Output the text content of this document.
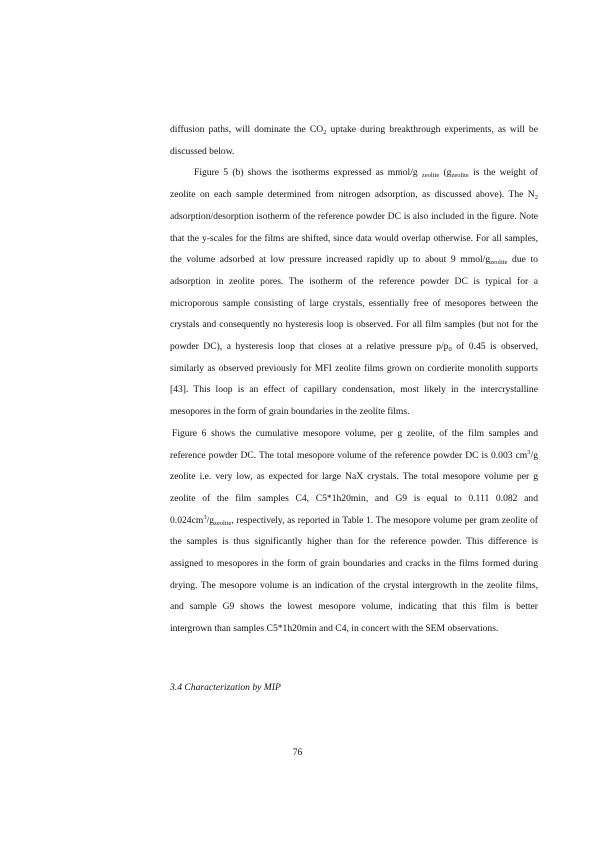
diffusion paths, will dominate the $CO_2$ uptake during breakthrough experiments, as will be discussed below.

Figure 5 (b) shows the isotherms expressed as mmol/g $_{zeolite}$ ($g_{zeolite}$ is the weight of zeolite on each sample determined from nitrogen adsorption, as discussed above). The $N_2$ adsorption/desorption isotherm of the reference powder DC is also included in the figure. Note that the y-scales for the films are shifted, since data would overlap otherwise. For all samples, the volume adsorbed at low pressure increased rapidly up to about 9 mmol/$g_{zeolite}$ due to adsorption in zeolite pores. The isotherm of the reference powder DC is typical for a microporous sample consisting of large crystals, essentially free of mesopores between the crystals and consequently no hysteresis loop is observed. For all film samples (but not for the powder DC), a hysteresis loop that closes at a relative pressure $p/p_0$ of 0.45 is observed, similarly as observed previously for MFI zeolite films grown on cordierite monolith supports [43]. This loop is an effect of capillary condensation, most likely in the intercrystalline mesopores in the form of grain boundaries in the zeolite films.

Figure 6 shows the cumulative mesopore volume, per g zeolite, of the film samples and reference powder DC. The total mesopore volume of the reference powder DC is 0.003 $cm^3/g$ zeolite i.e. very low, as expected for large NaX crystals. The total mesopore volume per g zeolite of the film samples C4, C5*1h20min, and G9 is equal to 0.111 0.082 and $0.024cm^3/g_{zeolite}$, respectively, as reported in Table 1. The mesopore volume per gram zeolite of the samples is thus significantly higher than for the reference powder. This difference is assigned to mesopores in the form of grain boundaries and cracks in the films formed during drying. The mesopore volume is an indication of the crystal intergrowth in the zeolite films, and sample G9 shows the lowest mesopore volume, indicating that this film is better intergrown than samples C5*1h20min and C4, in concert with the SEM observations.

3.4 Characterization by MIP
76
